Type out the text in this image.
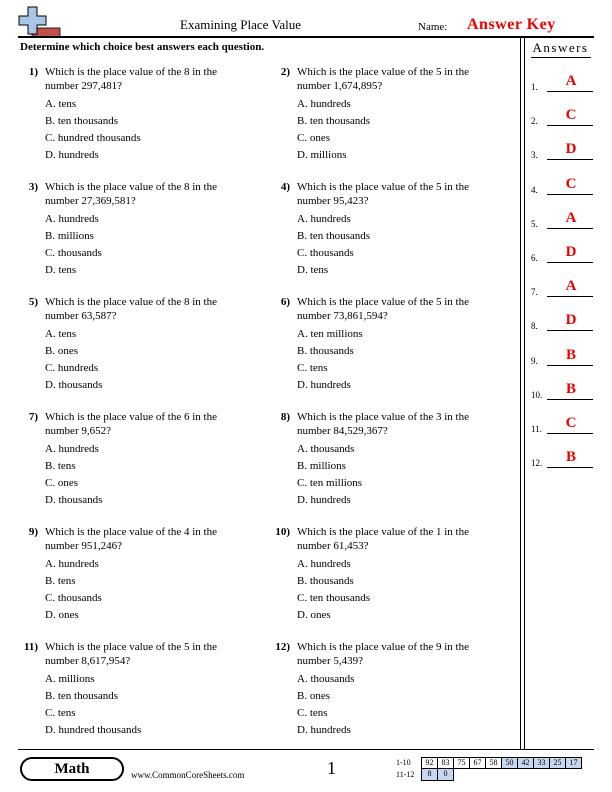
Examining Place Value	Name: Answer Key
Determine which choice best answers each question.
1) Which is the place value of the 8 in the number 297,481?
A. tens
B. ten thousands
C. hundred thousands
D. hundreds
2) Which is the place value of the 5 in the number 1,674,895?
A. hundreds
B. ten thousands
C. ones
D. millions
3) Which is the place value of the 8 in the number 27,369,581?
A. hundreds
B. millions
C. thousands
D. tens
4) Which is the place value of the 5 in the number 95,423?
A. hundreds
B. ten thousands
C. thousands
D. tens
5) Which is the place value of the 8 in the number 63,587?
A. tens
B. ones
C. hundreds
D. thousands
6) Which is the place value of the 5 in the number 73,861,594?
A. ten millions
B. thousands
C. tens
D. hundreds
7) Which is the place value of the 6 in the number 9,652?
A. hundreds
B. tens
C. ones
D. thousands
8) Which is the place value of the 3 in the number 84,529,367?
A. thousands
B. millions
C. ten millions
D. hundreds
9) Which is the place value of the 4 in the number 951,246?
A. hundreds
B. tens
C. thousands
D. ones
10) Which is the place value of the 1 in the number 61,453?
A. hundreds
B. thousands
C. ten thousands
D. ones
11) Which is the place value of the 5 in the number 8,617,954?
A. millions
B. ten thousands
C. tens
D. hundred thousands
12) Which is the place value of the 9 in the number 5,439?
A. thousands
B. ones
C. tens
D. hundreds
Answers
1.	A
2.	C
3.	D
4.	C
5.	A
6.	D
7.	A
8.	D
9.	B
10.	B
11.	C
12.	B
Math	www.CommonCoreSheets.com	1	1-10	92	83	75	67	58	50	42	33	25	17
11-12	8	0
